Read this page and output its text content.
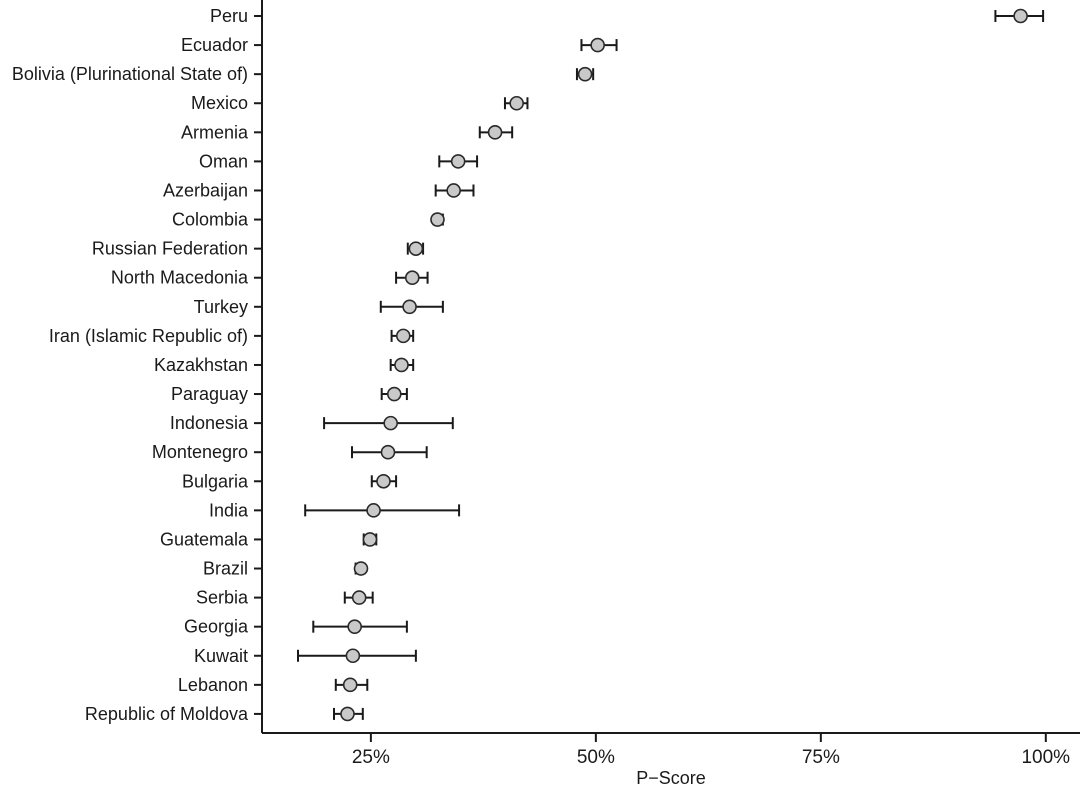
P−Score
25%	50%	75%	100%
Peru
Ecuador
Bolivia (Plurinational State of)
Mexico
Armenia
Oman
Azerbaijan
Colombia
Russian Federation
North Macedonia
Turkey
Iran (Islamic Republic of)
Kazakhstan
Paraguay
Indonesia
Montenegro
Bulgaria
India
Guatemala
Brazil
Serbia
Georgia
Kuwait
Lebanon
Republic of Moldova
